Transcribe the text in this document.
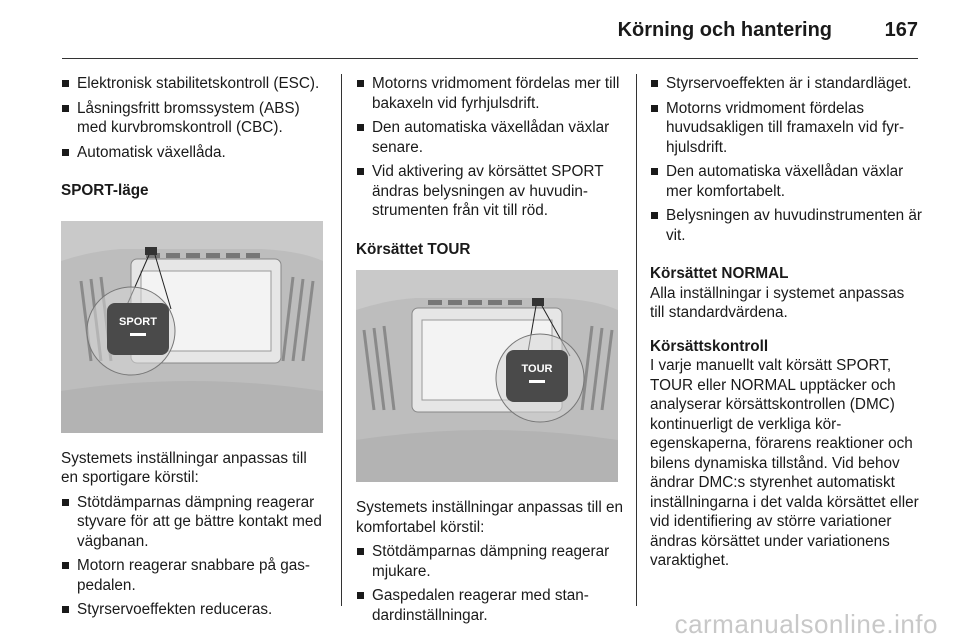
Körning och hantering	167
Elektronisk stabilitetskontroll (ESC).
Låsningsfritt bromssystem (ABS) med kurvbromskontroll (CBC).
Automatisk växellåda.

SPORT-läge

SPORT

Systemets inställningar anpassas till en sportigare körstil:

Stötdämparnas dämpning reagerar styvare för att ge bättre kontakt med vägbanan.
Motorn reagerar snabbare på gaspedalen.
Styrservoeffekten reduceras.
Motorns vridmoment fördelas mer till bakaxeln vid fyrhjulsdrift.
Den automatiska växellådan växlar senare.
Vid aktivering av körsättet SPORT ändras belysningen av huvudinstrumenten från vit till röd.

Körsättet TOUR

TOUR

Systemets inställningar anpassas till en komfortabel körstil:

Stötdämparnas dämpning reagerar mjukare.
Gaspedalen reagerar med standardinställningar.
Styrservoeffekten är i standardläget.
Motorns vridmoment fördelas huvudsakligen till framaxeln vid fyrhjulsdrift.
Den automatiska växellådan växlar mer komfortabelt.
Belysningen av huvudinstrumenten är vit.

Körsättet NORMAL

Alla inställningar i systemet anpassas till standardvärdena.

Körsättskontroll

I varje manuellt valt körsätt SPORT, TOUR eller NORMAL upptäcker och analyserar körsättskontrollen (DMC) kontinuerligt de verkliga köregenskaperna, förarens reaktioner och bilens dynamiska tillstånd. Vid behov ändrar DMC:s styrenhet automatiskt inställningarna i det valda körsättet eller vid identifiering av större variationer ändras körsättet under variationens varaktighet.

carmanualsonline.info
